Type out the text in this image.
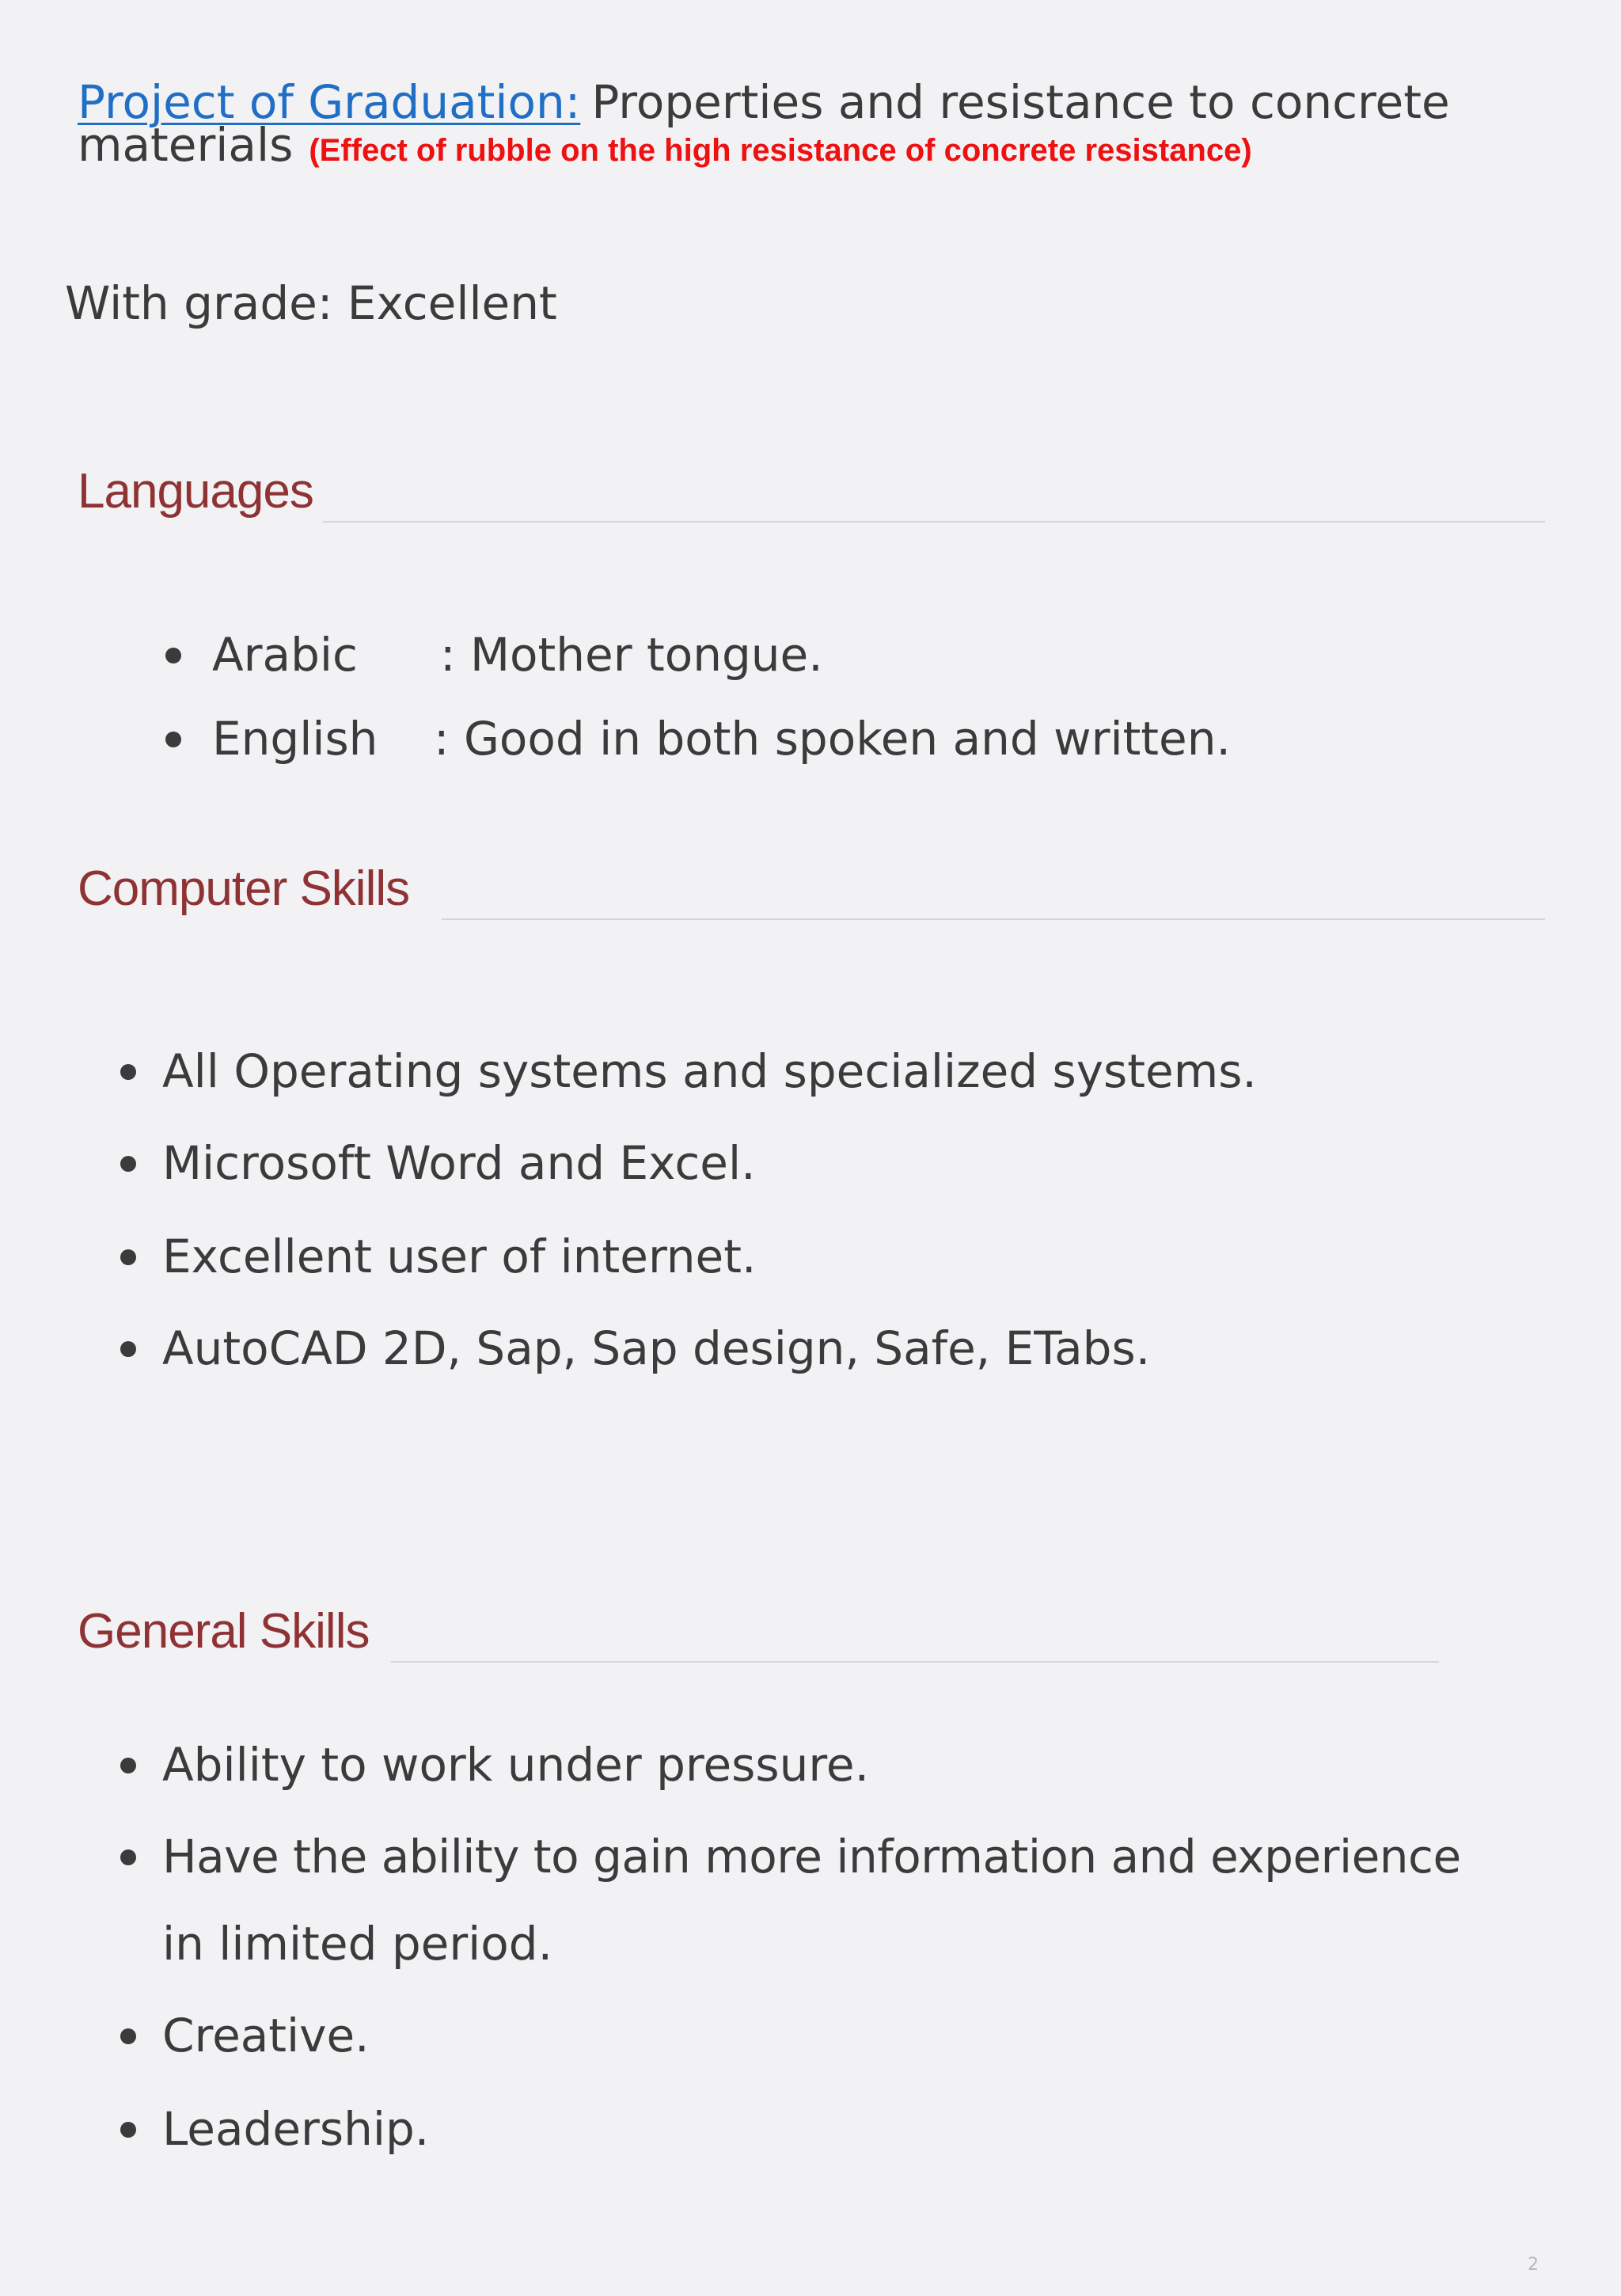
Project of Graduation: Properties and resistance to concrete
materials (Effect of rubble on the high resistance of concrete resistance)
With grade: Excellent
Languages
Arabic : Mother tongue.
English : Good in both spoken and written.
Computer Skills
All Operating systems and specialized systems.
Microsoft Word and Excel.
Excellent user of internet.
AutoCAD 2D, Sap, Sap design, Safe, ETabs.
General Skills
Ability to work under pressure.
Have the ability to gain more information and experience
in limited period.
Creative.
Leadership.
2
